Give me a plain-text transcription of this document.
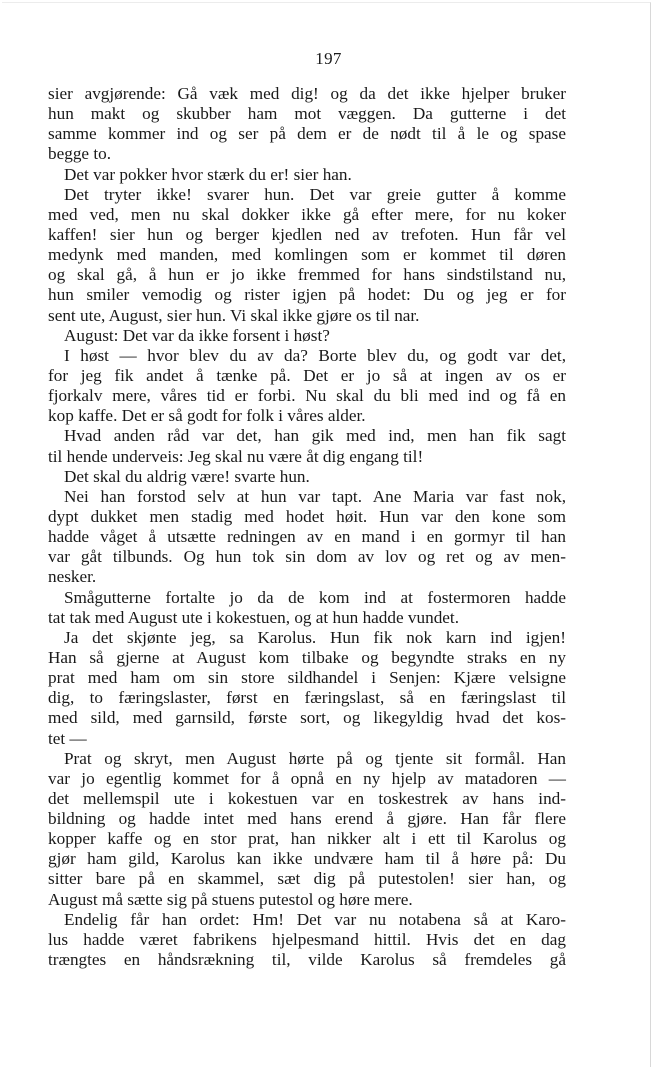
197
sier avgjørende: Gå væk med dig! og da det ikke hjelper bruker
hun makt og skubber ham mot væggen. Da gutterne i det
samme kommer ind og ser på dem er de nødt til å le og spase
begge to.
Det var pokker hvor stærk du er! sier han.
Det tryter ikke! svarer hun. Det var greie gutter å komme
med ved, men nu skal dokker ikke gå efter mere, for nu koker
kaffen! sier hun og berger kjedlen ned av trefoten. Hun får vel
medynk med manden, med komlingen som er kommet til døren
og skal gå, å hun er jo ikke fremmed for hans sindstilstand nu,
hun smiler vemodig og rister igjen på hodet: Du og jeg er for
sent ute, August, sier hun. Vi skal ikke gjøre os til nar.
August: Det var da ikke forsent i høst?
I høst — hvor blev du av da? Borte blev du, og godt var det,
for jeg fik andet å tænke på. Det er jo så at ingen av os er
fjorkalv mere, våres tid er forbi. Nu skal du bli med ind og få en
kop kaffe. Det er så godt for folk i våres alder.
Hvad anden råd var det, han gik med ind, men han fik sagt
til hende underveis: Jeg skal nu være åt dig engang til!
Det skal du aldrig være! svarte hun.
Nei han forstod selv at hun var tapt. Ane Maria var fast nok,
dypt dukket men stadig med hodet høit. Hun var den kone som
hadde våget å utsætte redningen av en mand i en gormyr til han
var gåt tilbunds. Og hun tok sin dom av lov og ret og av men-
nesker.
Smågutterne fortalte jo da de kom ind at fostermoren hadde
tat tak med August ute i kokestuen, og at hun hadde vundet.
Ja det skjønte jeg, sa Karolus. Hun fik nok karn ind igjen!
Han så gjerne at August kom tilbake og begyndte straks en ny
prat med ham om sin store sildhandel i Senjen: Kjære velsigne
dig, to færingslaster, først en færingslast, så en færingslast til
med sild, med garnsild, første sort, og likegyldig hvad det kos-
tet —
Prat og skryt, men August hørte på og tjente sit formål. Han
var jo egentlig kommet for å opnå en ny hjelp av matadoren —
det mellemspil ute i kokestuen var en toskestrek av hans ind-
bildning og hadde intet med hans erend å gjøre. Han får flere
kopper kaffe og en stor prat, han nikker alt i ett til Karolus og
gjør ham gild, Karolus kan ikke undvære ham til å høre på: Du
sitter bare på en skammel, sæt dig på putestolen! sier han, og
August må sætte sig på stuens putestol og høre mere.
Endelig får han ordet: Hm! Det var nu notabena så at Karo-
lus hadde været fabrikens hjelpesmand hittil. Hvis det en dag
trængtes en håndsrækning til, vilde Karolus så fremdeles gå
